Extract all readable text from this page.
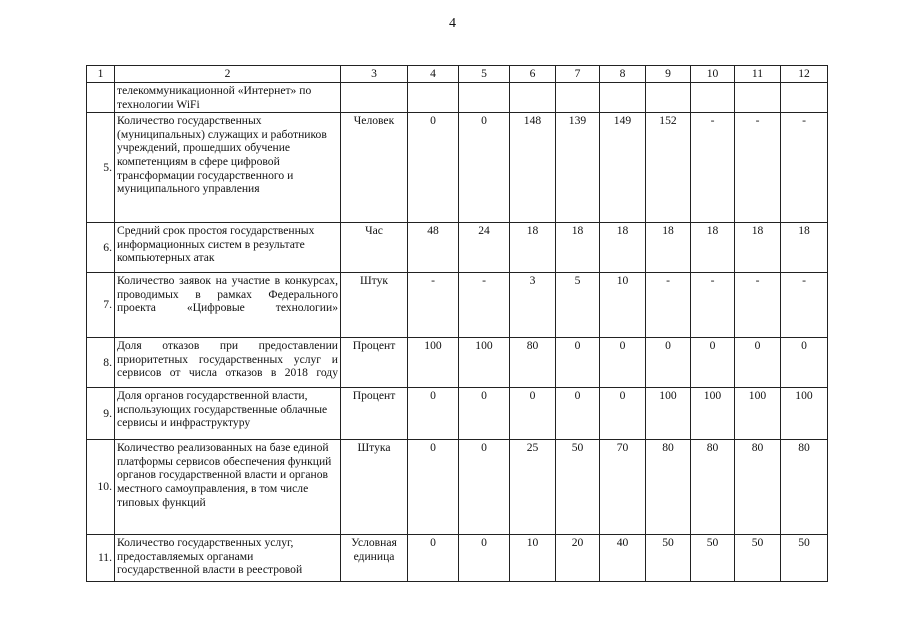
4
1	2	3	4	5	6	7	8	9	10	11	12
	телекоммуникационной «Интернет» по технологии WiFi										
5.	Количество государственных (муниципальных) служащих и работников учреждений, прошедших обучение компетенциям в сфере цифровой трансформации государственного и муниципального управления	Человек	0	0	148	139	149	152	-	-	-
6.	Средний срок простоя государственных информационных систем в результате компьютерных атак	Час	48	24	18	18	18	18	18	18	18
7.	Количество заявок на участие в конкурсах, проводимых в рамках Федерального проекта «Цифровые технологии»	Штук	-	-	3	5	10	-	-	-	-
8.	Доля отказов при предоставлении приоритетных государственных услуг и сервисов от числа отказов в 2018 году	Процент	100	100	80	0	0	0	0	0	0
9.	Доля органов государственной власти, использующих государственные облачные сервисы и инфраструктуру	Процент	0	0	0	0	0	100	100	100	100
10.	Количество реализованных на базе единой платформы сервисов обеспечения функций органов государственной власти и органов местного самоуправления, в том числе типовых функций	Штука	0	0	25	50	70	80	80	80	80
11.	Количество государственных услуг, предоставляемых органами государственной власти в реестровой	Условная единица	0	0	10	20	40	50	50	50	50
